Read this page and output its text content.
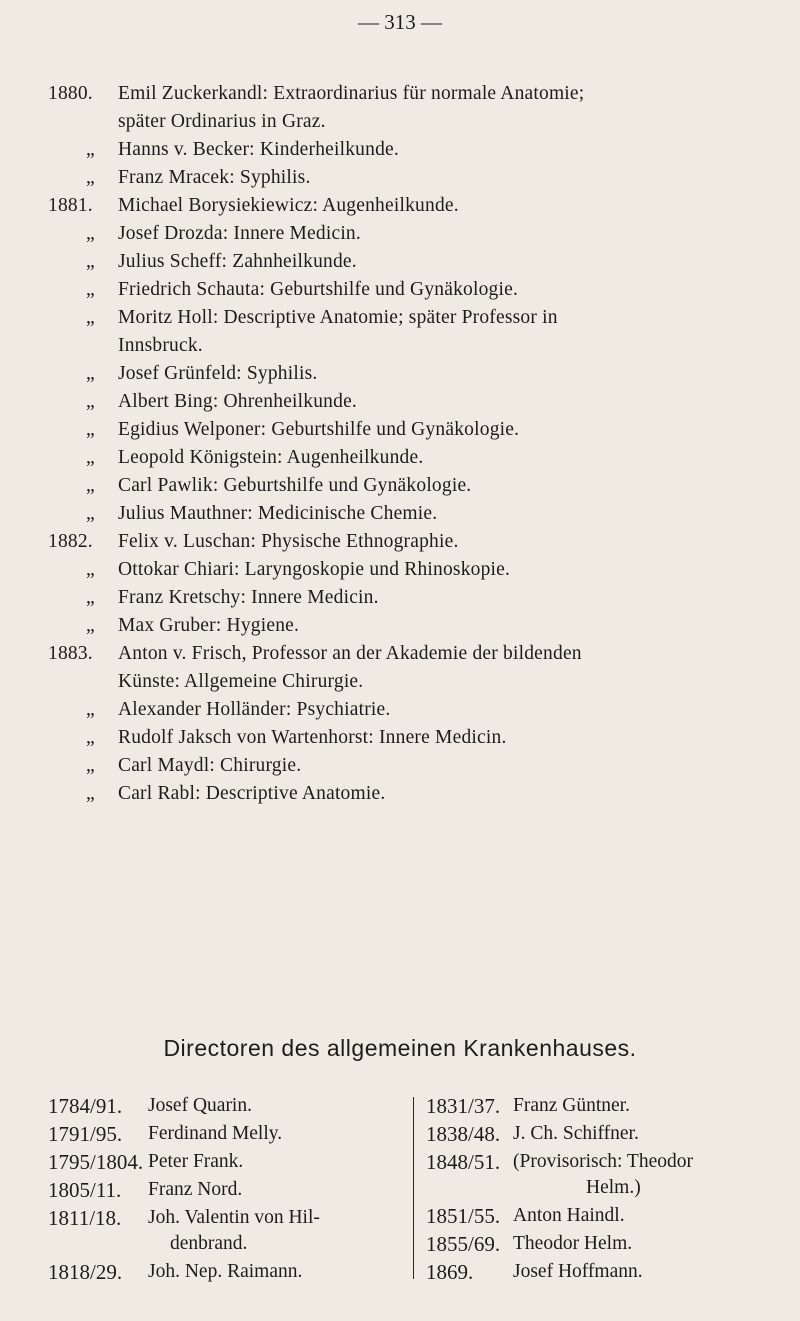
— 313 —
1880.	Emil Zuckerkandl: Extraordinarius für normale Anatomie;
später Ordinarius in Graz.
„	Hanns v. Becker: Kinderheilkunde.
„	Franz Mracek: Syphilis.
1881.	Michael Borysiekiewicz: Augenheilkunde.
„	Josef Drozda: Innere Medicin.
„	Julius Scheff: Zahnheilkunde.
„	Friedrich Schauta: Geburtshilfe und Gynäkologie.
„	Moritz Holl: Descriptive Anatomie; später Professor in
Innsbruck.
„	Josef Grünfeld: Syphilis.
„	Albert Bing: Ohrenheilkunde.
„	Egidius Welponer: Geburtshilfe und Gynäkologie.
„	Leopold Königstein: Augenheilkunde.
„	Carl Pawlik: Geburtshilfe und Gynäkologie.
„	Julius Mauthner: Medicinische Chemie.
1882.	Felix v. Luschan: Physische Ethnographie.
„	Ottokar Chiari: Laryngoskopie und Rhinoskopie.
„	Franz Kretschy: Innere Medicin.
„	Max Gruber: Hygiene.
1883.	Anton v. Frisch, Professor an der Akademie der bildenden
Künste: Allgemeine Chirurgie.
„	Alexander Holländer: Psychiatrie.
„	Rudolf Jaksch von Wartenhorst: Innere Medicin.
„	Carl Maydl: Chirurgie.
„	Carl Rabl: Descriptive Anatomie.
Directoren des allgemeinen Krankenhauses.
1784/91. Josef Quarin.
1791/95. Ferdinand Melly.
1795/1804. Peter Frank.
1805/11. Franz Nord.
1811/18. Joh. Valentin von Hil-
denbrand.
1818/29. Joh. Nep. Raimann.
1831/37. Franz Güntner.
1838/48. J. Ch. Schiffner.
1848/51. (Provisorisch: Theodor
Helm.)
1851/55. Anton Haindl.
1855/69. Theodor Helm.
1869. Josef Hoffmann.
